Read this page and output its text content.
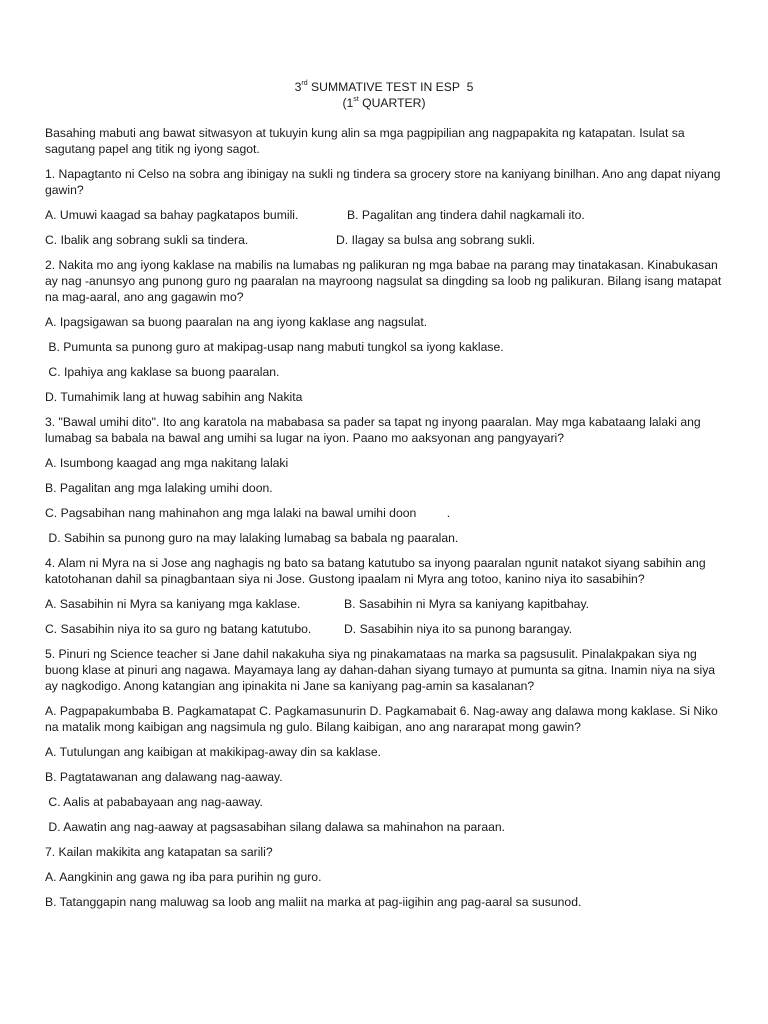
3rd SUMMATIVE TEST IN ESP  5
(1st QUARTER)

Basahing mabuti ang bawat sitwasyon at tukuyin kung alin sa mga pagpipilian ang nagpapakita ng katapatan. Isulat sa sagutang papel ang titik ng iyong sagot.

1. Napagtanto ni Celso na sobra ang ibinigay na sukli ng tindera sa grocery store na kaniyang binilhan. Ano ang dapat niyang gawin?

A. Umuwi kaagad sa bahay pagkatapos bumili.	B. Pagalitan ang tindera dahil nagkamali ito.
C. Ibalik ang sobrang sukli sa tindera.	D. Ilagay sa bulsa ang sobrang sukli.

2. Nakita mo ang iyong kaklase na mabilis na lumabas ng palikuran ng mga babae na parang may tinatakasan. Kinabukasan ay nag -anunsyo ang punong guro ng paaralan na mayroong nagsulat sa dingding sa loob ng palikuran. Bilang isang matapat na mag-aaral, ano ang gagawin mo?

A. Ipagsigawan sa buong paaralan na ang iyong kaklase ang nagsulat.

B. Pumunta sa punong guro at makipag-usap nang mabuti tungkol sa iyong kaklase.

C. Ipahiya ang kaklase sa buong paaralan.

D. Tumahimik lang at huwag sabihin ang Nakita

3. "Bawal umihi dito". Ito ang karatola na mababasa sa pader sa tapat ng inyong paaralan. May mga kabataang lalaki ang lumabag sa babala na bawal ang umihi sa lugar na iyon. Paano mo aaksyonan ang pangyayari?

A. Isumbong kaagad ang mga nakitang lalaki

B. Pagalitan ang mga lalaking umihi doon.

C. Pagsabihan nang mahinahon ang mga lalaki na bawal umihi doon         .

D. Sabihin sa punong guro na may lalaking lumabag sa babala ng paaralan.

4. Alam ni Myra na si Jose ang naghagis ng bato sa batang katutubo sa inyong paaralan ngunit natakot siyang sabihin ang katotohanan dahil sa pinagbantaan siya ni Jose. Gustong ipaalam ni Myra ang totoo, kanino niya ito sasabihin?

A. Sasabihin ni Myra sa kaniyang mga kaklase.	B. Sasabihin ni Myra sa kaniyang kapitbahay.
C. Sasabihin niya ito sa guro ng batang katutubo.	D. Sasabihin niya ito sa punong barangay.

5. Pinuri ng Science teacher si Jane dahil nakakuha siya ng pinakamataas na marka sa pagsusulit. Pinalakpakan siya ng buong klase at pinuri ang nagawa. Mayamaya lang ay dahan-dahan siyang tumayo at pumunta sa gitna. Inamin niya na siya ay nagkodigo. Anong katangian ang ipinakita ni Jane sa kaniyang pag-amin sa kasalanan?

A. Pagpapakumbaba B. Pagkamatapat C. Pagkamasunurin D. Pagkamabait 6. Nag-away ang dalawa mong kaklase. Si Niko na matalik mong kaibigan ang nagsimula ng gulo. Bilang kaibigan, ano ang nararapat mong gawin?

A. Tutulungan ang kaibigan at makikipag-away din sa kaklase.

B. Pagtatawanan ang dalawang nag-aaway.

C. Aalis at pababayaan ang nag-aaway.

D. Aawatin ang nag-aaway at pagsasabihan silang dalawa sa mahinahon na paraan.

7. Kailan makikita ang katapatan sa sarili?

A. Aangkinin ang gawa ng iba para purihin ng guro.

B. Tatanggapin nang maluwag sa loob ang maliit na marka at pag-iigihin ang pag-aaral sa susunod.
